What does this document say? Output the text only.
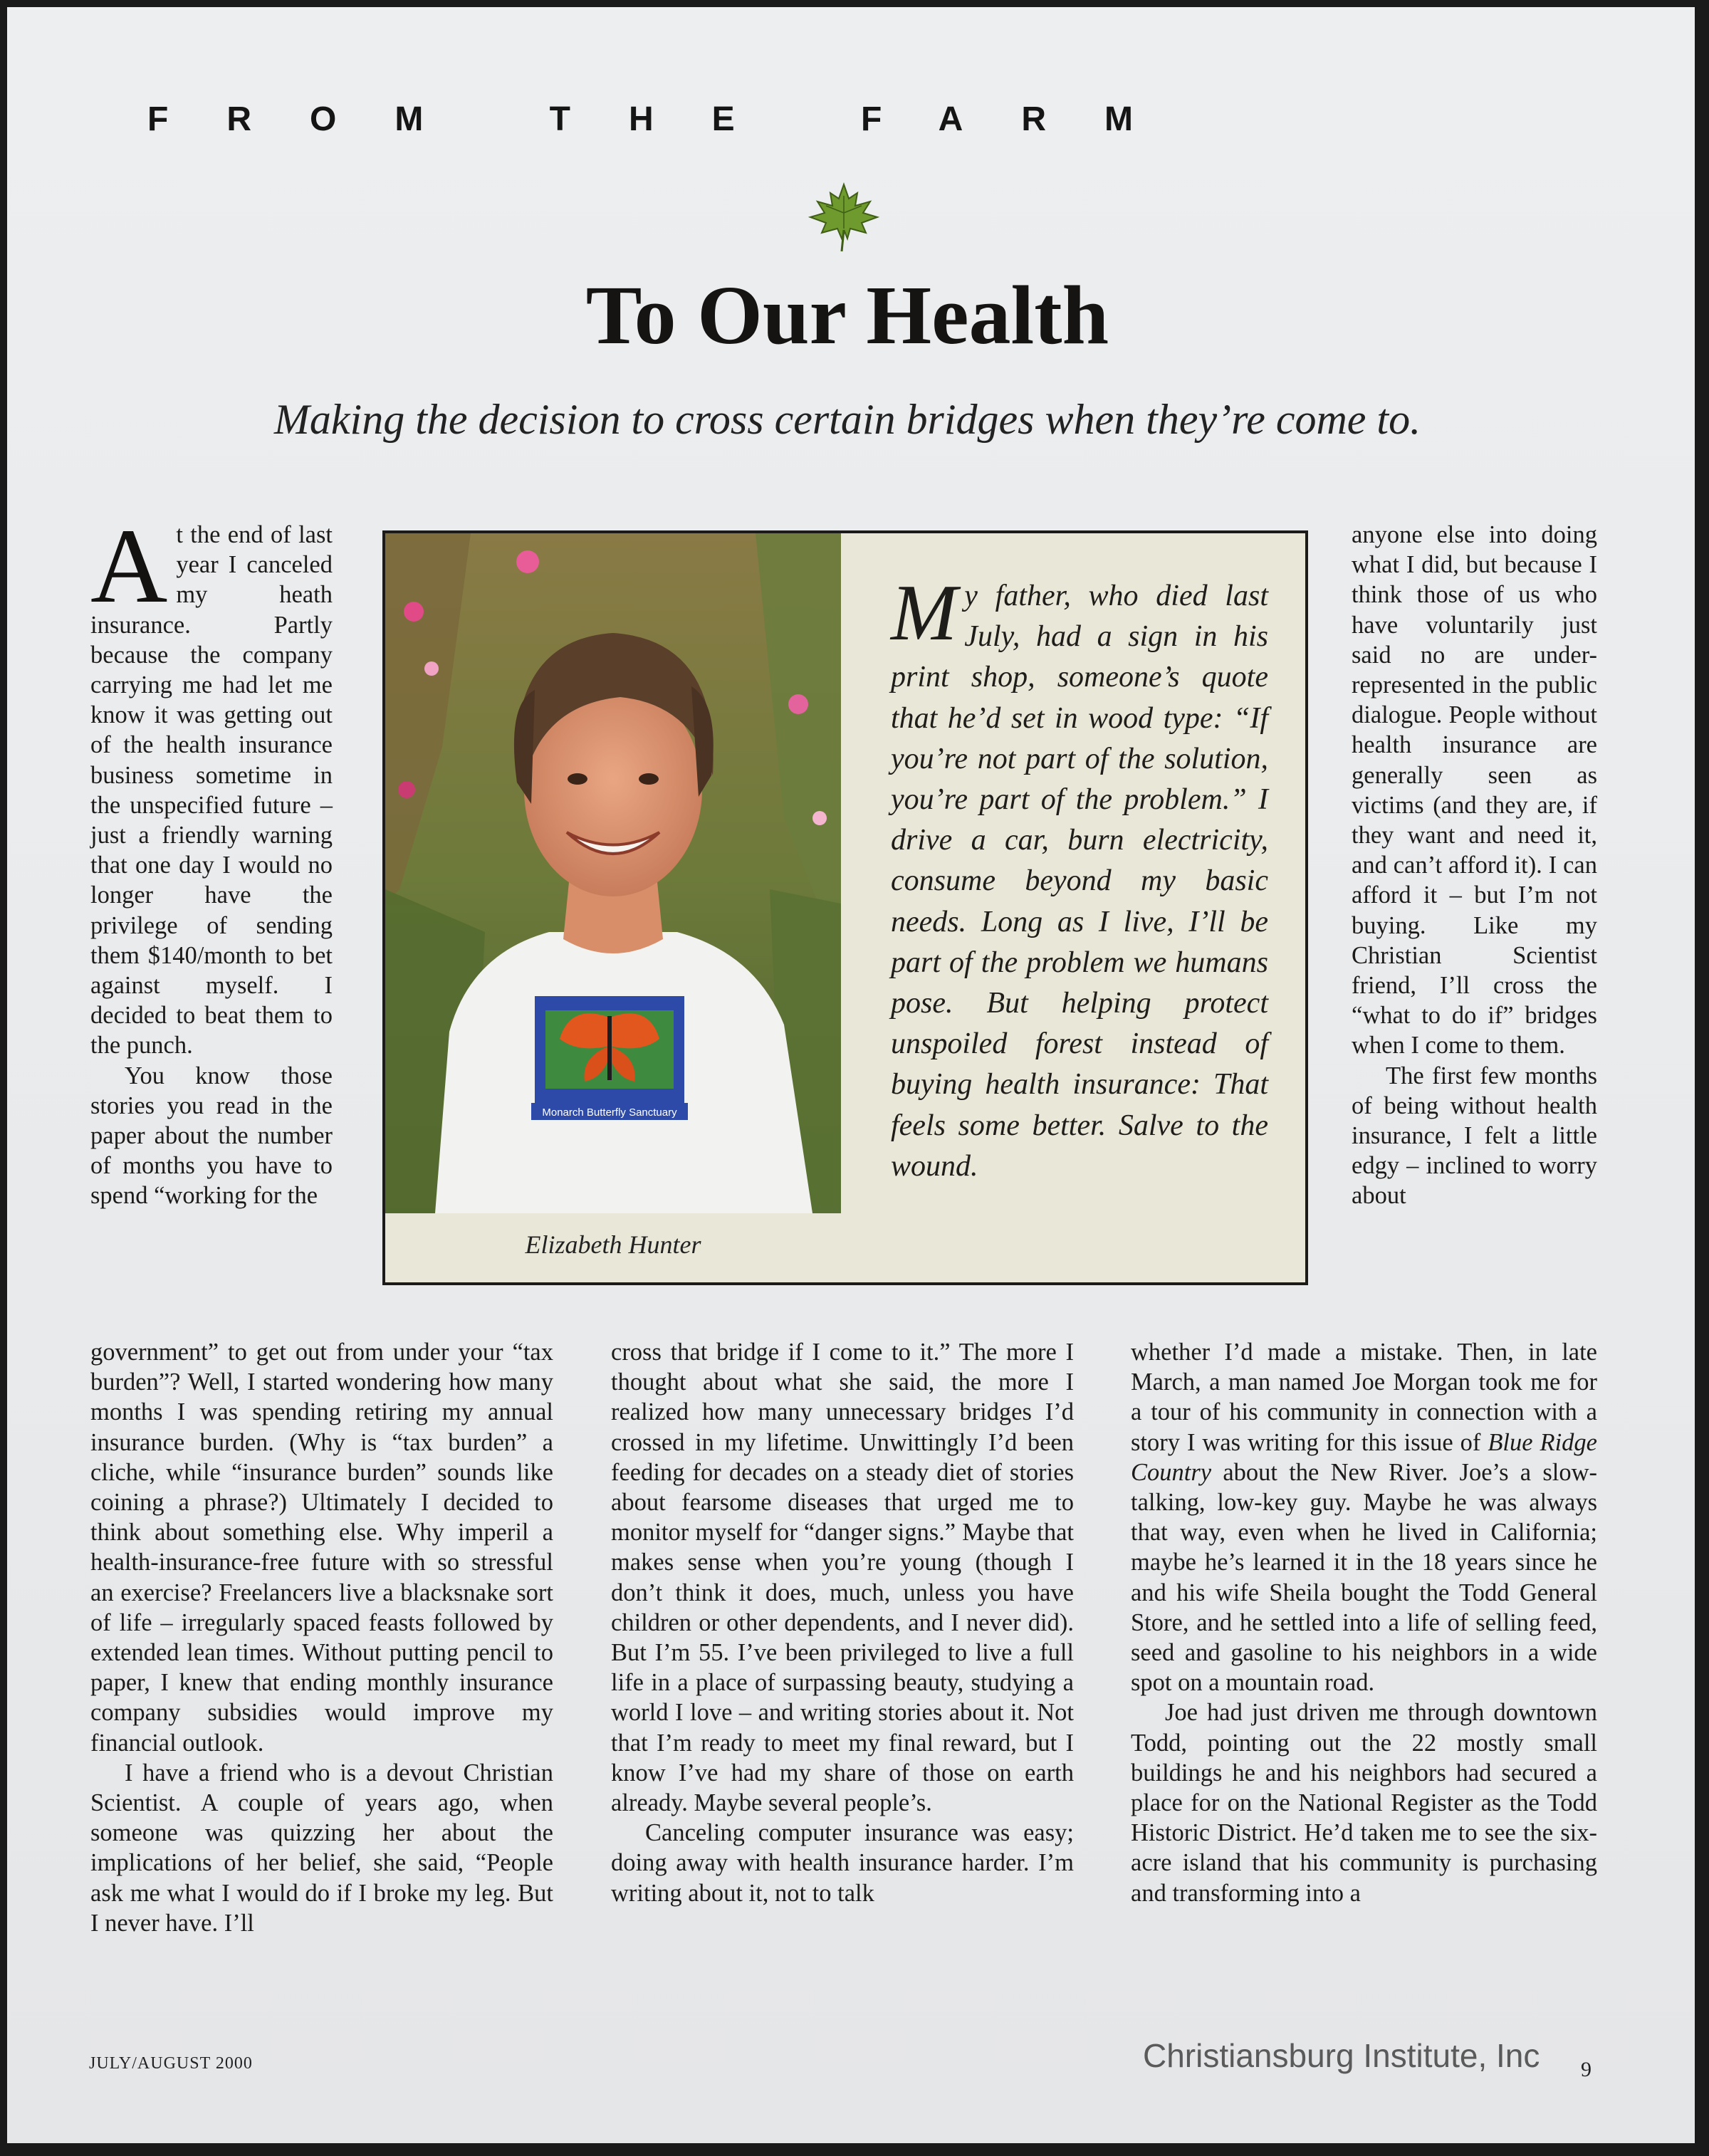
FROM THE FARM
To Our Health
Making the decision to cross certain bridges when they’re come to.

At the end of last year I canceled my heath insurance. Partly because the company carrying me had let me know it was getting out of the health insurance business sometime in the unspecified future – just a friendly warning that one day I would no longer have the privilege of sending them $140/month to bet against myself. I decided to beat them to the punch.

You know those stories you read in the paper about the number of months you have to spend “working for the

government” to get out from under your “tax burden”? Well, I started wondering how many months I was spending retiring my annual insurance burden. (Why is “tax burden” a cliche, while “insurance burden” sounds like coining a phrase?) Ultimately I decided to think about something else. Why imperil a health-insurance-free future with so stressful an exercise? Freelancers live a blacksnake sort of life – irregularly spaced feasts followed by extended lean times. Without putting pencil to paper, I knew that ending monthly insurance company subsidies would improve my financial outlook.

I have a friend who is a devout Christian Scientist. A couple of years ago, when someone was quizzing her about the implications of her belief, she said, “People ask me what I would do if I broke my leg. But I never have. I’ll

cross that bridge if I come to it.” The more I thought about what she said, the more I realized how many unnecessary bridges I’d crossed in my lifetime. Unwittingly I’d been feeding for decades on a steady diet of stories about fearsome diseases that urged me to monitor myself for “danger signs.” Maybe that makes sense when you’re young (though I don’t think it does, much, unless you have children or other dependents, and I never did). But I’m 55. I’ve been privileged to live a full life in a place of surpassing beauty, studying a world I love – and writing stories about it. Not that I’m ready to meet my final reward, but I know I’ve had my share of those on earth already. Maybe several people’s.

Canceling computer insurance was easy; doing away with health insurance harder. I’m writing about it, not to talk

anyone else into doing what I did, but because I think those of us who have voluntarily just said no are under-represented in the public dialogue. People without health insurance are generally seen as victims (and they are, if they want and need it, and can’t afford it). I can afford it – but I’m not buying. Like my Christian Scientist friend, I’ll cross the “what to do if” bridges when I come to them.

The first few months of being without health insurance, I felt a little edgy – inclined to worry about

whether I’d made a mistake. Then, in late March, a man named Joe Morgan took me for a tour of his community in connection with a story I was writing for this issue of Blue Ridge Country about the New River. Joe’s a slow-talking, low-key guy. Maybe he was always that way, even when he lived in California; maybe he’s learned it in the 18 years since he and his wife Sheila bought the Todd General Store, and he settled into a life of selling feed, seed and gasoline to his neighbors in a wide spot on a mountain road.

Joe had just driven me through downtown Todd, pointing out the 22 mostly small buildings he and his neighbors had secured a place for on the National Register as the Todd Historic District. He’d taken me to see the six-acre island that his community is purchasing and transforming into a

Monarch Butterfly Sanctuary
Elizabeth Hunter
My father, who died last July, had a sign in his print shop, someone’s quote that he’d set in wood type: “If you’re not part of the solution, you’re part of the problem.” I drive a car, burn electricity, consume beyond my basic needs. Long as I live, I’ll be part of the problem we humans pose. But helping protect unspoiled forest instead of buying health insurance: That feels some better. Salve to the wound.
JULY/AUGUST 2000	Christiansburg Institute, Inc 9
